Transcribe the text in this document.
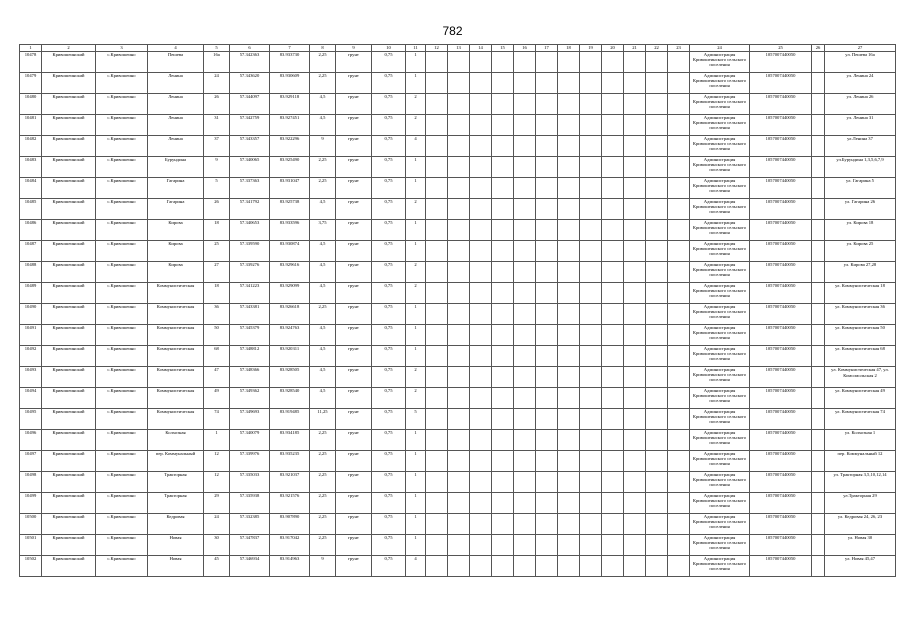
782
1	2	3	4	5	6	7	8	9	10	11	12	13	14	15	16	17	18	19	20	21	22	23	24	25	26	27
10478	Кривошеинский	с.Кривошеино	Пешева	16а	57.342363	83.933730	2,25	грунт	0,75	1													Администрация Кривошеинского сельского поселения	1057007440050		ул. Пешева 16а
10479	Кривошеинский	с.Кривошеино	Ленина	24	57.343620	83.930609	2,25	грунт	0,75	1													Администрация Кривошеинского сельского поселения	1057007440050		ул. Ленина 24
10480	Кривошеинский	с.Кривошеино	Ленина	26	57.344097	83.929118	4,5	грунт	0,75	2													Администрация Кривошеинского сельского поселения	1057007440050		ул. Ленина 26
10481	Кривошеинский	с.Кривошеино	Ленина	31	57.342759	83.927451	4,5	грунт	0,75	2													Администрация Кривошеинского сельского поселения	1057007440050		ул. Ленина 31
10482	Кривошеинский	с.Кривошеино	Ленина	37	57.343357	83.922296	9	грунт	0,75	4													Администрация Кривошеинского сельского поселения	1057007440050		ул.Ленина 37
10483	Кривошеинский	с.Кривошеино	Бурундина	9	57.340065	83.925490	2,25	грунт	0,75	1													Администрация Кривошеинского сельского поселения	1057007440050		ул.Бурундина 1,3,5,6,7,9
10484	Кривошеинский	с.Кривошеино	Гагарина	5	57.337363	83.931047	2,25	грунт	0,75	1													Администрация Кривошеинского сельского поселения	1057007440050		ул. Гагарина 5
10485	Кривошеинский	с.Кривошеино	Гагарина	26	57.341792	83.925738	4,5	грунт	0,75	2													Администрация Кривошеинского сельского поселения	1057007440050		ул. Гагарина 26
10486	Кривошеинский	с.Кривошеино	Кирова	18	57.340653	83.933596	3,75	грунт	0,75	1													Администрация Кривошеинского сельского поселения	1057007440050		ул. Кирова 18
10487	Кривошеинский	с.Кривошеино	Кирова	25	57.339590	83.930874	4,5	грунт	0,75	1													Администрация Кривошеинского сельского поселения	1057007440050		ул. Кирова 25
10488	Кривошеинский	с.Кривошеино	Кирова	27	57.339276	83.929616	4,5	грунт	0,75	2													Администрация Кривошеинского сельского поселения	1057007440050		ул. Кирова 27,28
10489	Кривошеинский	с.Кривошеино	Коммунистическая	18	57.341223	83.929099	4,5	грунт	0,75	2													Администрация Кривошеинского сельского поселения	1057007440050		ул. Коммунистическая 18
10490	Кривошеинский	с.Кривошеино	Коммунистическая	36	57.343381	83.926618	2,25	грунт	0,75	1													Администрация Кривошеинского сельского поселения	1057007440050		ул. Коммунистическая 36
10491	Кривошеинский	с.Кривошеино	Коммунистическая	50	57.345379	83.924763	4,5	грунт	0,75	1													Администрация Кривошеинского сельского поселения	1057007440050		ул. Коммунистическая 50
10492	Кривошеинский	с.Кривошеино	Коммунистическая	68	57.348812	83.920311	4,5	грунт	0,75	1													Администрация Кривошеинского сельского поселения	1057007440050		ул. Коммунистическая 68
10493	Кривошеинский	с.Кривошеино	Коммунистическая	47	57.348366	83.928505	4,5	грунт	0,75	2													Администрация Кривошеинского сельского поселения	1057007440050		ул. Коммунистическая 47, ул. Комсомольская 2
10494	Кривошеинский	с.Кривошеино	Коммунистическая	49	57.349362	83.928540	4,5	грунт	0,75	2													Администрация Кривошеинского сельского поселения	1057007440050		ул. Коммунистическая 49
10495	Кривошеинский	с.Кривошеино	Коммунистическая	74	57.349693	83.919485	11,25	грунт	0,75	5													Администрация Кривошеинского сельского поселения	1057007440050		ул. Коммунистическая 74
10496	Кривошеинский	с.Кривошеино	Колхозная	1	57.340079	83.934185	2,25	грунт	0,75	1													Администрация Кривошеинского сельского поселения	1057007440050		ул. Колхозная 1
10497	Кривошеинский	с.Кривошеино	пер. Коммунальный	12	57.339976	83.935235	2,25	грунт	0,75	1													Администрация Кривошеинского сельского поселения	1057007440050		пер. Коммунальный 12
10498	Кривошеинский	с.Кривошеино	Тракторная	12	57.335033	83.921037	2,25	грунт	0,75	1													Администрация Кривошеинского сельского поселения	1057007440050		ул. Тракторная 3,5,10,12,14
10499	Кривошеинский	с.Кривошеино	Тракторная	29	57.335938	83.921576	2,25	грунт	0,75	1													Администрация Кривошеинского сельского поселения	1057007440050		ул.Тракторная 29
10500	Кривошеинский	с.Кривошеино	Кедровая	24	57.332385	83.907890	2,25	грунт	0,75	1													Администрация Кривошеинского сельского поселения	1057007440050		ул. Кедровая 24, 26, 23
10501	Кривошеинский	с.Кривошеино	Новая	30	57.347837	83.917042	2,25	грунт	0,75	1													Администрация Кривошеинского сельского поселения	1057007440050		ул. Новая 30
10502	Кривошеинский	с.Кривошеино	Новая	45	57.346934	83.914963	9	грунт	0,75	4													Администрация Кривошеинского сельского поселения	1057007440050		ул. Новая 45,47
